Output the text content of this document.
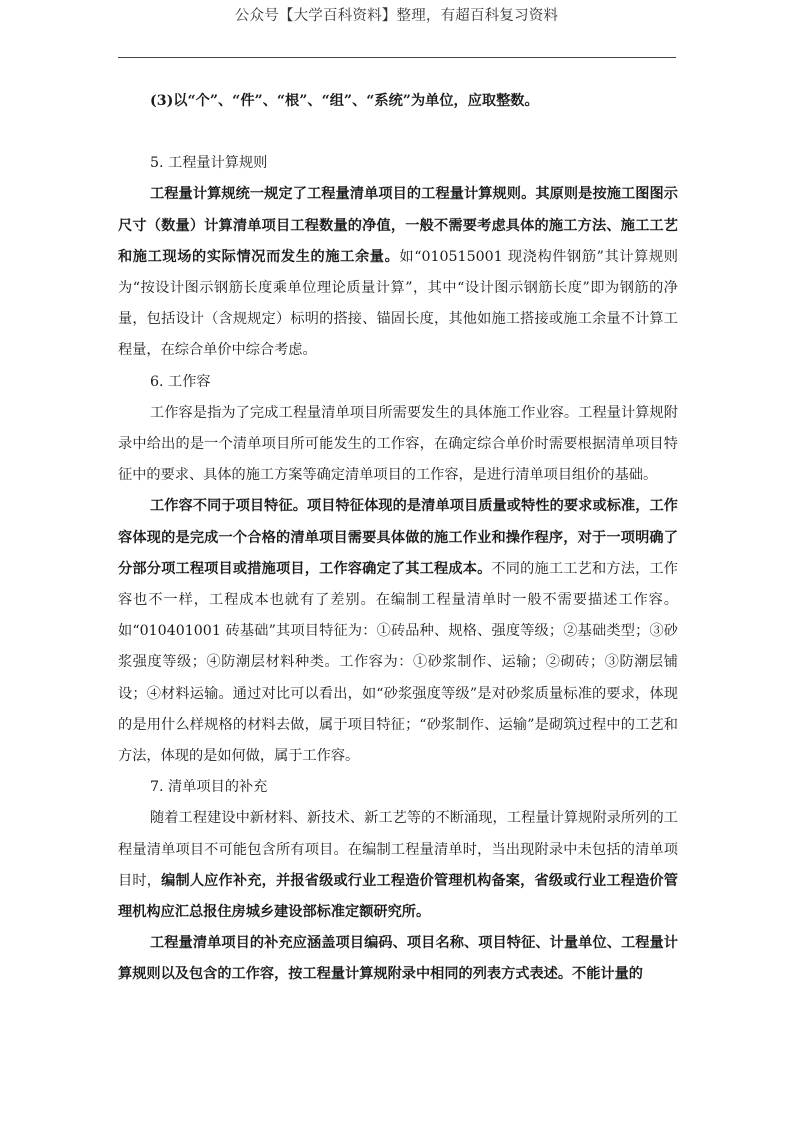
公众号【大学百科资料】整理，有超百科复习资料

(3)以“个”、“件”、“根”、“组”、“系统”为单位，应取整数。

5. 工程量计算规则

工程量计算规统一规定了工程量清单项目的工程量计算规则。其原则是按施工图图示尺寸（数量）计算清单项目工程数量的净值，一般不需要考虑具体的施工方法、施工工艺和施工现场的实际情况而发生的施工余量。如“010515001 现浇构件钢筋”其计算规则为“按设计图示钢筋长度乘单位理论质量计算”，其中“设计图示钢筋长度”即为钢筋的净量，包括设计（含规规定）标明的搭接、锚固长度，其他如施工搭接或施工余量不计算工程量，在综合单价中综合考虑。

6. 工作容

工作容是指为了完成工程量清单项目所需要发生的具体施工作业容。工程量计算规附录中给出的是一个清单项目所可能发生的工作容，在确定综合单价时需要根据清单项目特征中的要求、具体的施工方案等确定清单项目的工作容，是进行清单项目组价的基础。

工作容不同于项目特征。项目特征体现的是清单项目质量或特性的要求或标准，工作容体现的是完成一个合格的清单项目需要具体做的施工作业和操作程序，对于一项明确了分部分项工程项目或措施项目，工作容确定了其工程成本。不同的施工工艺和方法，工作容也不一样，工程成本也就有了差别。在编制工程量清单时一般不需要描述工作容。如“010401001 砖基础”其项目特征为：①砖品种、规格、强度等级；②基础类型；③砂浆强度等级；④防潮层材料种类。工作容为：①砂浆制作、运输；②砌砖；③防潮层铺设；④材料运输。通过对比可以看出，如“砂浆强度等级”是对砂浆质量标准的要求，体现的是用什么样规格的材料去做，属于项目特征；“砂浆制作、运输”是砌筑过程中的工艺和方法，体现的是如何做，属于工作容。

7. 清单项目的补充

随着工程建设中新材料、新技术、新工艺等的不断涌现，工程量计算规附录所列的工程量清单项目不可能包含所有项目。在编制工程量清单时，当出现附录中未包括的清单项目时，编制人应作补充，并报省级或行业工程造价管理机构备案，省级或行业工程造价管理机构应汇总报住房城乡建设部标准定额研究所。

工程量清单项目的补充应涵盖项目编码、项目名称、项目特征、计量单位、工程量计算规则以及包含的工作容，按工程量计算规附录中相同的列表方式表述。不能计量的
